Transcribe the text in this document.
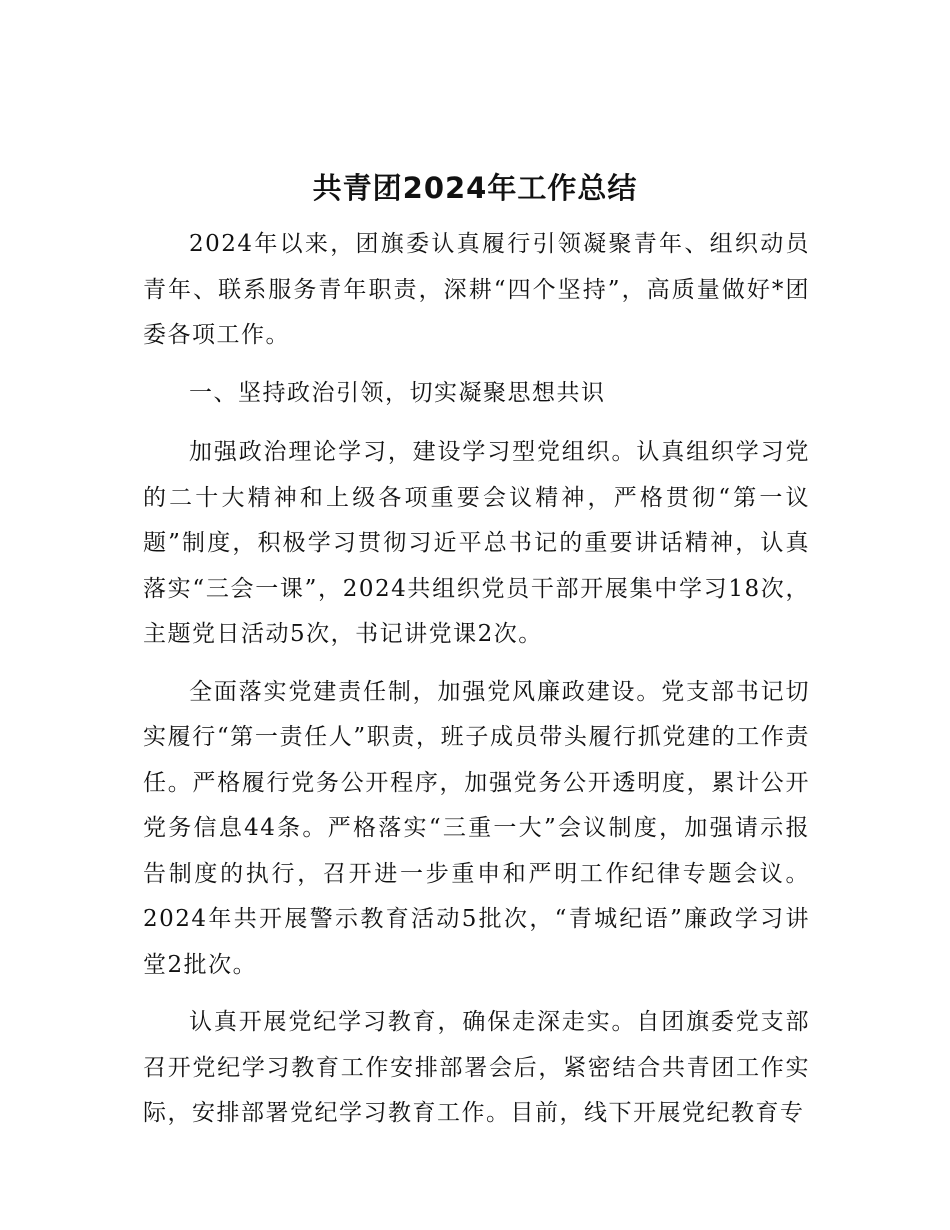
共青团2024年工作总结

2024年以来，团旗委认真履行引领凝聚青年、组织动员青年、联系服务青年职责，深耕“四个坚持”，高质量做好*团委各项工作。

一、坚持政治引领，切实凝聚思想共识

加强政治理论学习，建设学习型党组织。认真组织学习党的二十大精神和上级各项重要会议精神，严格贯彻“第一议题”制度，积极学习贯彻习近平总书记的重要讲话精神，认真落实“三会一课”，2024共组织党员干部开展集中学习18次，主题党日活动5次，书记讲党课2次。

全面落实党建责任制，加强党风廉政建设。党支部书记切实履行“第一责任人”职责，班子成员带头履行抓党建的工作责任。严格履行党务公开程序，加强党务公开透明度，累计公开党务信息44条。严格落实“三重一大”会议制度，加强请示报告制度的执行，召开进一步重申和严明工作纪律专题会议。2024年共开展警示教育活动5批次，“青城纪语”廉政学习讲堂2批次。

认真开展党纪学习教育，确保走深走实。自团旗委党支部召开党纪学习教育工作安排部署会后，紧密结合共青团工作实际，安排部署党纪学习教育工作。目前，线下开展党纪教育专
